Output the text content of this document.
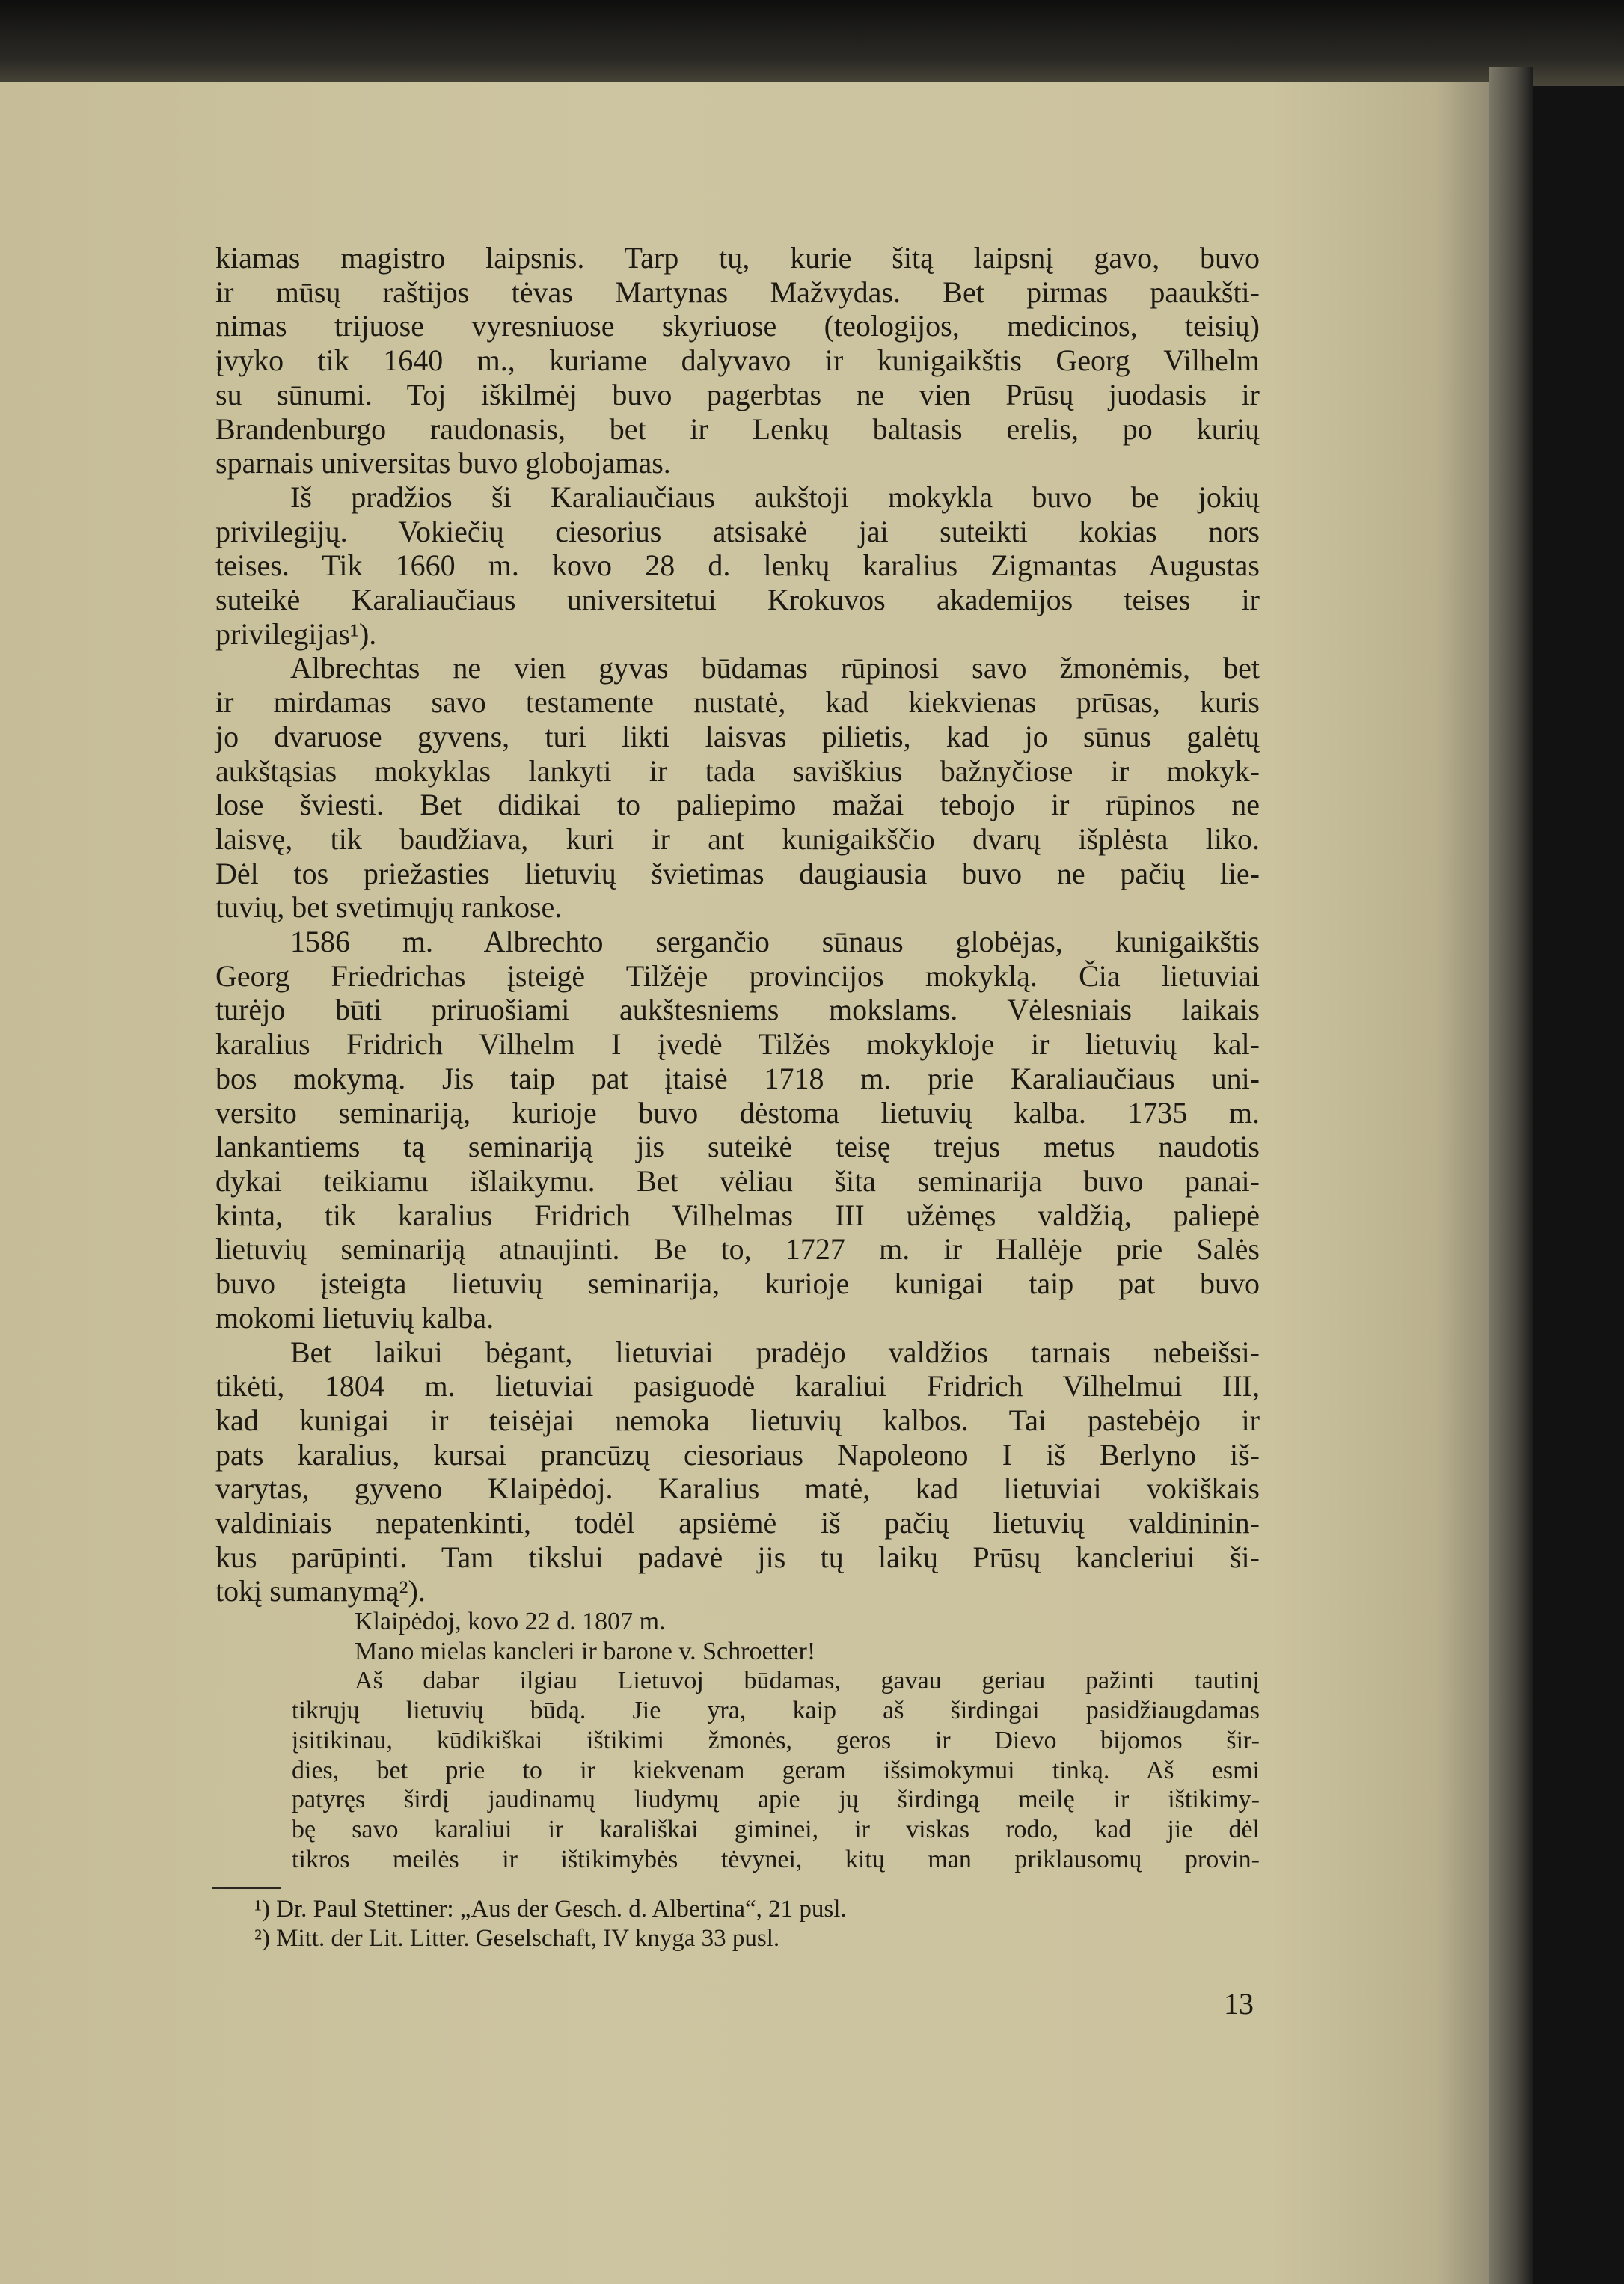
kiamas magistro laipsnis. Tarp tų, kurie šitą laipsnį gavo, buvo
ir mūsų raštijos tėvas Martynas Mažvydas. Bet pirmas paaukšti-
nimas trijuose vyresniuose skyriuose (teologijos, medicinos, teisių)
įvyko tik 1640 m., kuriame dalyvavo ir kunigaikštis Georg Vilhelm
su sūnumi. Toj iškilmėj buvo pagerbtas ne vien Prūsų juodasis ir
Brandenburgo raudonasis, bet ir Lenkų baltasis erelis, po kurių
sparnais universitas buvo globojamas.
Iš pradžios ši Karaliaučiaus aukštoji mokykla buvo be jokių
privilegijų. Vokiečių ciesorius atsisakė jai suteikti kokias nors
teises. Tik 1660 m. kovo 28 d. lenkų karalius Zigmantas Augustas
suteikė Karaliaučiaus universitetui Krokuvos akademijos teises ir
privilegijas¹).
Albrechtas ne vien gyvas būdamas rūpinosi savo žmonėmis, bet
ir mirdamas savo testamente nustatė, kad kiekvienas prūsas, kuris
jo dvaruose gyvens, turi likti laisvas pilietis, kad jo sūnus galėtų
aukštąsias mokyklas lankyti ir tada saviškius bažnyčiose ir mokyk-
lose šviesti. Bet didikai to paliepimo mažai tebojo ir rūpinos ne
laisvę, tik baudžiava, kuri ir ant kunigaikščio dvarų išplėsta liko.
Dėl tos priežasties lietuvių švietimas daugiausia buvo ne pačių lie-
tuvių, bet svetimųjų rankose.
1586 m. Albrechto sergančio sūnaus globėjas, kunigaikštis
Georg Friedrichas įsteigė Tilžėje provincijos mokyklą. Čia lietuviai
turėjo būti priruošiami aukštesniems mokslams. Vėlesniais laikais
karalius Fridrich Vilhelm I įvedė Tilžės mokykloje ir lietuvių kal-
bos mokymą. Jis taip pat įtaisė 1718 m. prie Karaliaučiaus uni-
versito seminariją, kurioje buvo dėstoma lietuvių kalba. 1735 m.
lankantiems tą seminariją jis suteikė teisę trejus metus naudotis
dykai teikiamu išlaikymu. Bet vėliau šita seminarija buvo panai-
kinta, tik karalius Fridrich Vilhelmas III užėmęs valdžią, paliepė
lietuvių seminariją atnaujinti. Be to, 1727 m. ir Hallėje prie Salės
buvo įsteigta lietuvių seminarija, kurioje kunigai taip pat buvo
mokomi lietuvių kalba.
Bet laikui bėgant, lietuviai pradėjo valdžios tarnais nebeišsi-
tikėti, 1804 m. lietuviai pasiguodė karaliui Fridrich Vilhelmui III,
kad kunigai ir teisėjai nemoka lietuvių kalbos. Tai pastebėjo ir
pats karalius, kursai prancūzų ciesoriaus Napoleono I iš Berlyno iš-
varytas, gyveno Klaipėdoj. Karalius matė, kad lietuviai vokiškais
valdiniais nepatenkinti, todėl apsiėmė iš pačių lietuvių valdininin-
kus parūpinti. Tam tikslui padavė jis tų laikų Prūsų kancleriui ši-
tokį sumanymą²).
Klaipėdoj, kovo 22 d. 1807 m.
Mano mielas kancleri ir barone v. Schroetter!
Aš dabar ilgiau Lietuvoj būdamas, gavau geriau pažinti tautinį
tikrųjų lietuvių būdą. Jie yra, kaip aš širdingai pasidžiaugdamas
įsitikinau, kūdikiškai ištikimi žmonės, geros ir Dievo bijomos šir-
dies, bet prie to ir kiekvenam geram išsimokymui tinką. Aš esmi
patyręs širdį jaudinamų liudymų apie jų širdingą meilę ir ištikimy-
bę savo karaliui ir karališkai giminei, ir viskas rodo, kad jie dėl
tikros meilės ir ištikimybės tėvynei, kitų man priklausomų provin-
¹) Dr. Paul Stettiner: „Aus der Gesch. d. Albertina“, 21 pusl.
²) Mitt. der Lit. Litter. Geselschaft, IV knyga 33 pusl.
13
